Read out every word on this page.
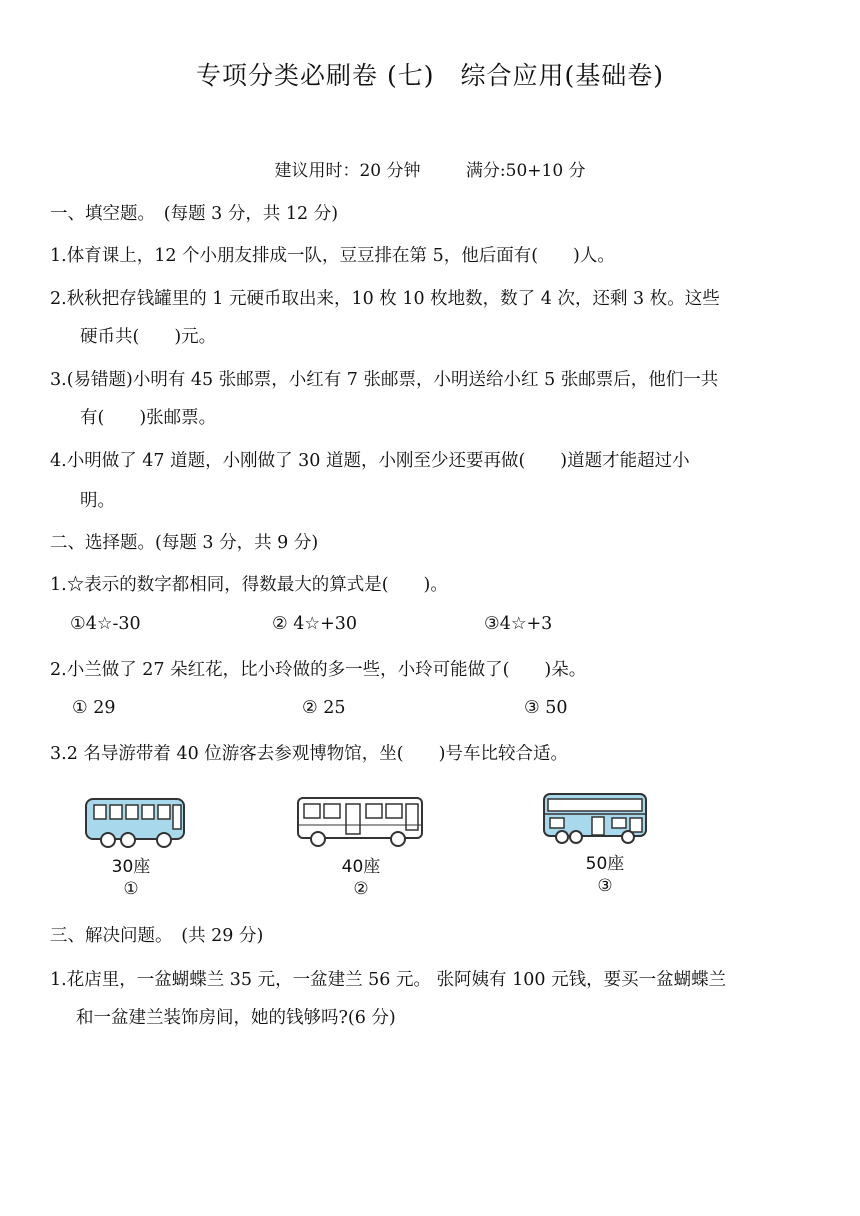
专项分类必刷卷 (七)　综合应用(基础卷)
建议用时：20 分钟	满分:50+10 分
一、填空题。　(每题 3 分，共 12 分)
1.体育课上，12 个小朋友排成一队，豆豆排在第 5，他后面有(　　)人。
2.秋秋把存钱罐里的 1 元硬币取出来，10 枚 10 枚地数，数了 4 次，还剩 3 枚。这些
硬币共(　　)元。
3.(易错题)小明有 45 张邮票，小红有 7 张邮票，小明送给小红 5 张邮票后，他们一共
有(　　)张邮票。
4.小明做了 47 道题，小刚做了 30 道题，小刚至少还要再做(　　)道题才能超过小
明。
二、选择题。(每题 3 分，共 9 分)
1.☆表示的数字都相同，得数最大的算式是(　　)。
①4☆-30	② 4☆+30	③4☆+3
2.小兰做了 27 朵红花，比小玲做的多一些，小玲可能做了(　　)朵。
① 29	② 25	③ 50
3.2 名导游带着 40 位游客去参观博物馆，坐(　　)号车比较合适。
30座
①
40座
②
50座
③
三、解决问题。　(共 29 分)
1.花店里，一盆蝴蝶兰 35 元，一盆建兰 56 元。 张阿姨有 100 元钱，要买一盆蝴蝶兰
和一盆建兰装饰房间，她的钱够吗?(6 分)
